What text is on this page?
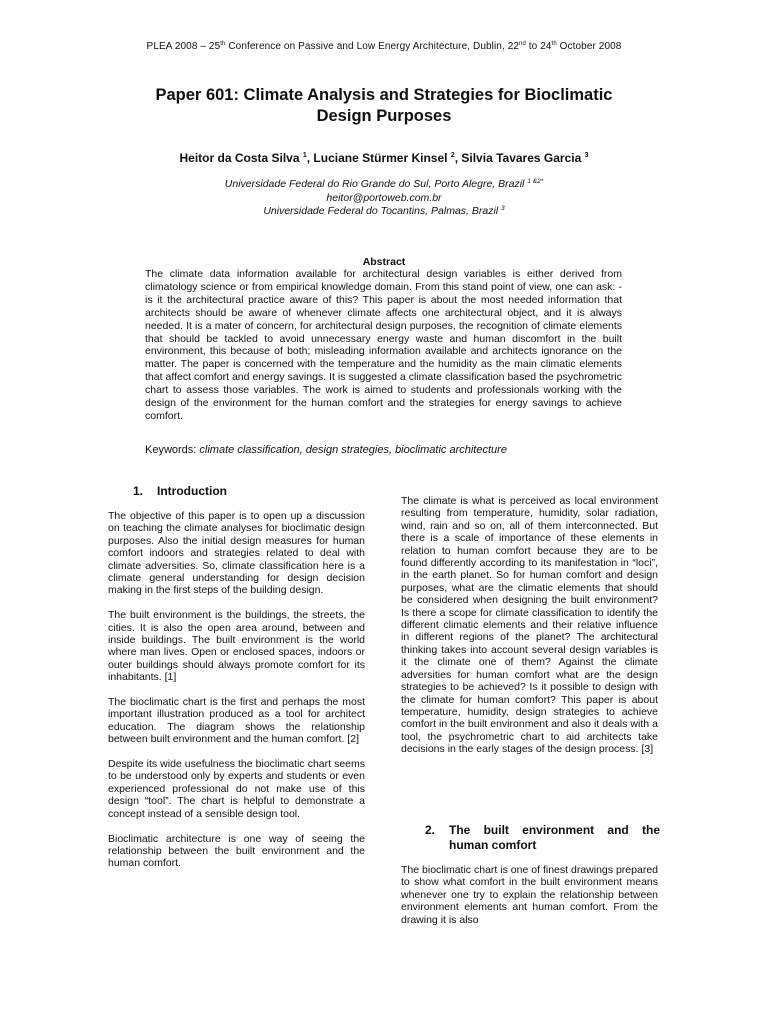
PLEA 2008 – 25th Conference on Passive and Low Energy Architecture, Dublin, 22nd to 24th October 2008
Paper 601: Climate Analysis and Strategies for Bioclimatic
Design Purposes
Heitor da Costa Silva $^1$, Luciane Stürmer Kinsel $^2$, Silvia Tavares Garcia $^3$
Universidade Federal do Rio Grande do Sul, Porto Alegre, Brazil $^{1 \&2*}$
heitor@portoweb.com.br
Universidade Federal do Tocantins, Palmas, Brazil $^3$
Abstract
The climate data information available for architectural design variables is either derived from climatology science or from empirical knowledge domain. From this stand point of view, one can ask: - is it the architectural practice aware of this? This paper is about the most needed information that architects should be aware of whenever climate affects one architectural object, and it is always needed. It is a mater of concern, for architectural design purposes, the recognition of climate elements that should be tackled to avoid unnecessary energy waste and human discomfort in the built environment, this because of both; misleading information available and architects ignorance on the matter. The paper is concerned with the temperature and the humidity as the main climatic elements that affect comfort and energy savings. It is suggested a climate classification based the psychrometric chart to assess those variables. The work is aimed to students and professionals working with the design of the environment for the human comfort and the strategies for energy savings to achieve comfort.
Keywords: climate classification, design strategies, bioclimatic architecture
1. Introduction

The objective of this paper is to open up a discussion on teaching the climate analyses for bioclimatic design purposes. Also the initial design measures for human comfort indoors and strategies related to deal with climate adversities. So, climate classification here is a climate general understanding for design decision making in the first steps of the building design.

The built environment is the buildings, the streets, the cities. It is also the open area around, between and inside buildings. The built environment is the world where man lives. Open or enclosed spaces, indoors or outer buildings should always promote comfort for its inhabitants. [1]

The bioclimatic chart is the first and perhaps the most important illustration produced as a tool for architect education. The diagram shows the relationship between built environment and the human comfort. [2]

Despite its wide usefulness the bioclimatic chart seems to be understood only by experts and students or even experienced professional do not make use of this design “tool”. The chart is helpful to demonstrate a concept instead of a sensible design tool.

Bioclimatic architecture is one way of seeing the relationship between the built environment and the human comfort.

The climate is what is perceived as local environment resulting from temperature, humidity, solar radiation, wind, rain and so on, all of them interconnected. But there is a scale of importance of these elements in relation to human comfort because they are to be found differently according to its manifestation in “loci”, in the earth planet. So for human comfort and design purposes, what are the climatic elements that should be considered when designing the built environment? Is there a scope for climate classification to identify the different climatic elements and their relative influence in different regions of the planet? The architectural thinking takes into account several design variables is it the climate one of them? Against the climate adversities for human comfort what are the design strategies to be achieved? Is it possible to design with the climate for human comfort? This paper is about temperature, humidity, design strategies to achieve comfort in the built environment and also it deals with a tool, the psychrometric chart to aid architects take decisions in the early stages of the design process. [3]

2.	The built environment and the human comfort

The bioclimatic chart is one of finest drawings prepared to show what comfort in the built environment means whenever one try to explain the relationship between environment elements ant human comfort. From the drawing it is also
